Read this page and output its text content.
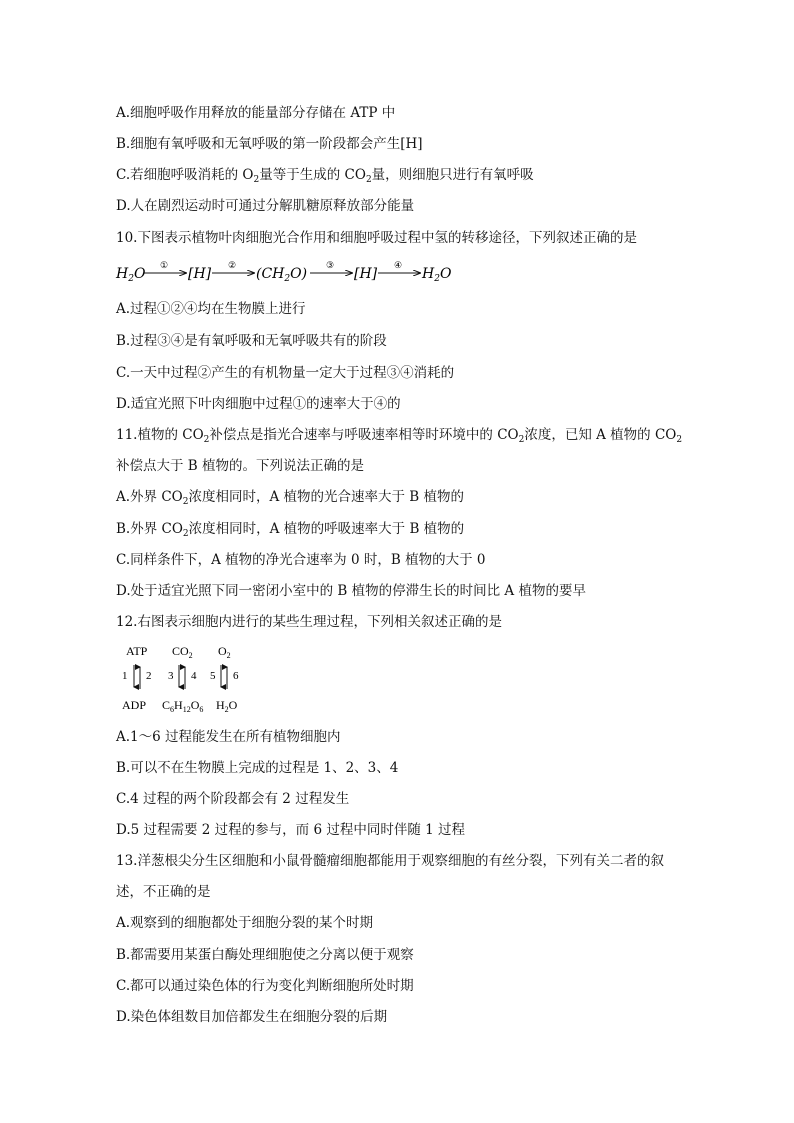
A.细胞呼吸作用释放的能量部分存储在 ATP 中
B.细胞有氧呼吸和无氧呼吸的第一阶段都会产生[H]
C.若细胞呼吸消耗的 $O_2$量等于生成的 $CO_2$量，则细胞只进行有氧呼吸
D.人在剧烈运动时可通过分解肌糖原释放部分能量
10.下图表示植物叶肉细胞光合作用和细胞呼吸过程中氢的转移途径，下列叙述正确的是
$H_2O$ ① [H] ② $(CH_2O)$ ③ [H] ④ $H_2O$
A.过程①②④均在生物膜上进行
B.过程③④是有氧呼吸和无氧呼吸共有的阶段
C.一天中过程②产生的有机物量一定大于过程③④消耗的
D.适宜光照下叶肉细胞中过程①的速率大于④的
11.植物的 $CO_2$补偿点是指光合速率与呼吸速率相等时环境中的 $CO_2$浓度，已知 A 植物的 $CO_2$
补偿点大于 B 植物的。下列说法正确的是
A.外界 $CO_2$浓度相同时，A 植物的光合速率大于 B 植物的
B.外界 $CO_2$浓度相同时，A 植物的呼吸速率大于 B 植物的
C.同样条件下，A 植物的净光合速率为 0 时，B 植物的大于 0
D.处于适宜光照下同一密闭小室中的 B 植物的停滞生长的时间比 A 植物的要早
12.右图表示细胞内进行的某些生理过程，下列相关叙述正确的是
ATP $CO_2$ $O_2$
1 2 3 4 5 6
ADP $C_6H_{12}O_6$ $H_2O$
A.1～6 过程能发生在所有植物细胞内
B.可以不在生物膜上完成的过程是 1、2、3、4
C.4 过程的两个阶段都会有 2 过程发生
D.5 过程需要 2 过程的参与，而 6 过程中同时伴随 1 过程
13.洋葱根尖分生区细胞和小鼠骨髓瘤细胞都能用于观察细胞的有丝分裂，下列有关二者的叙
述，不正确的是
A.观察到的细胞都处于细胞分裂的某个时期
B.都需要用某蛋白酶处理细胞使之分离以便于观察
C.都可以通过染色体的行为变化判断细胞所处时期
D.染色体组数目加倍都发生在细胞分裂的后期
